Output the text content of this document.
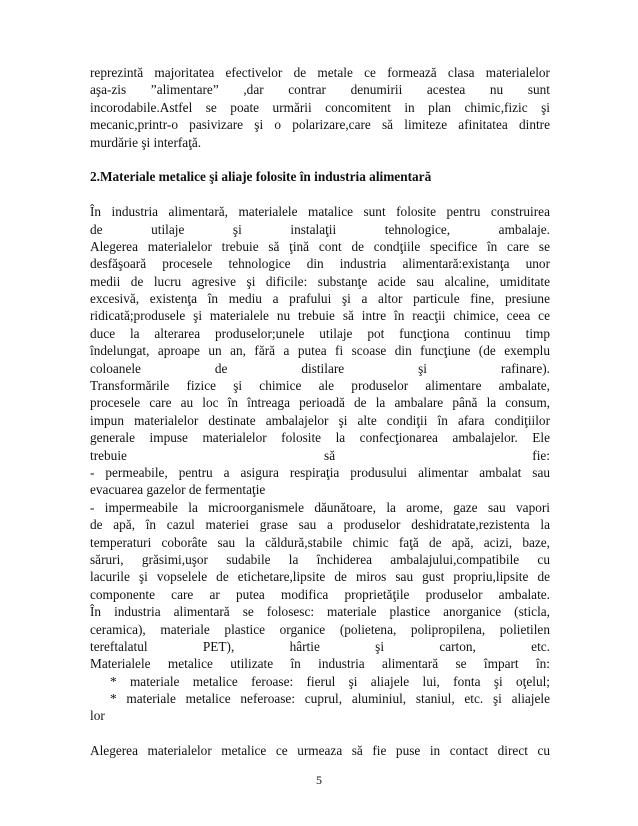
reprezintă majoritatea efectivelor de metale ce formează clasa materialelor
aşa-zis ”alimentare” ,dar contrar denumirii acestea nu sunt
incorodabile.Astfel se poate urmării concomitent in plan chimic,fizic şi
mecanic,printr-o pasivizare şi o polarizare,care să limiteze afinitatea dintre
murdărie şi interfaţă.
2.Materiale metalice şi aliaje folosite în industria alimentară
În industria alimentară, materialele matalice sunt folosite pentru construirea
de utilaje şi instalaţii tehnologice, ambalaje.
Alegerea materialelor trebuie să ţină cont de condţiile specifice în care se
desfăşoară procesele tehnologice din industria alimentară:existanţa unor
medii de lucru agresive şi dificile: substanţe acide sau alcaline, umiditate
excesivă, existenţa în mediu a prafului şi a altor particule fine, presiune
ridicată;produsele şi materialele nu trebuie să intre în reacţii chimice, ceea ce
duce la alterarea produselor;unele utilaje pot funcţiona continuu timp
îndelungat, aproape un an, fără a putea fi scoase din funcţiune (de exemplu
coloanele de distilare şi rafinare).
Transformările fizice şi chimice ale produselor alimentare ambalate,
procesele care au loc în întreaga perioadă de la ambalare până la consum,
impun materialelor destinate ambalajelor şi alte condiţii în afara condiţiilor
generale impuse materialelor folosite la confecţionarea ambalajelor. Ele
trebuie să fie:
- permeabile, pentru a asigura respiraţia produsului alimentar ambalat sau
evacuarea gazelor de fermentaţie
- impermeabile la microorganismele dăunătoare, la arome, gaze sau vapori
de apă, în cazul materiei grase sau a produselor deshidratate,rezistenta la
temperaturi coborâte sau la căldură,stabile chimic faţă de apă, acizi, baze,
săruri, grăsimi,uşor sudabile la închiderea ambalajului,compatibile cu
lacurile şi vopselele de etichetare,lipsite de miros sau gust propriu,lipsite de
componente care ar putea modifica proprietăţile produselor ambalate.
În industria alimentară se folosesc: materiale plastice anorganice (sticla,
ceramica), materiale plastice organice (polietena, polipropilena, polietilen
tereftalatul PET), hârtie şi carton, etc.
Materialele metalice utilizate în industria alimentară se împart în:
* materiale metalice feroase: fierul şi aliajele lui, fonta şi oţelul;
* materiale metalice neferoase: cuprul, aluminiul, staniul, etc. şi aliajele
lor
Alegerea materialelor metalice ce urmeaza să fie puse in contact direct cu
5
